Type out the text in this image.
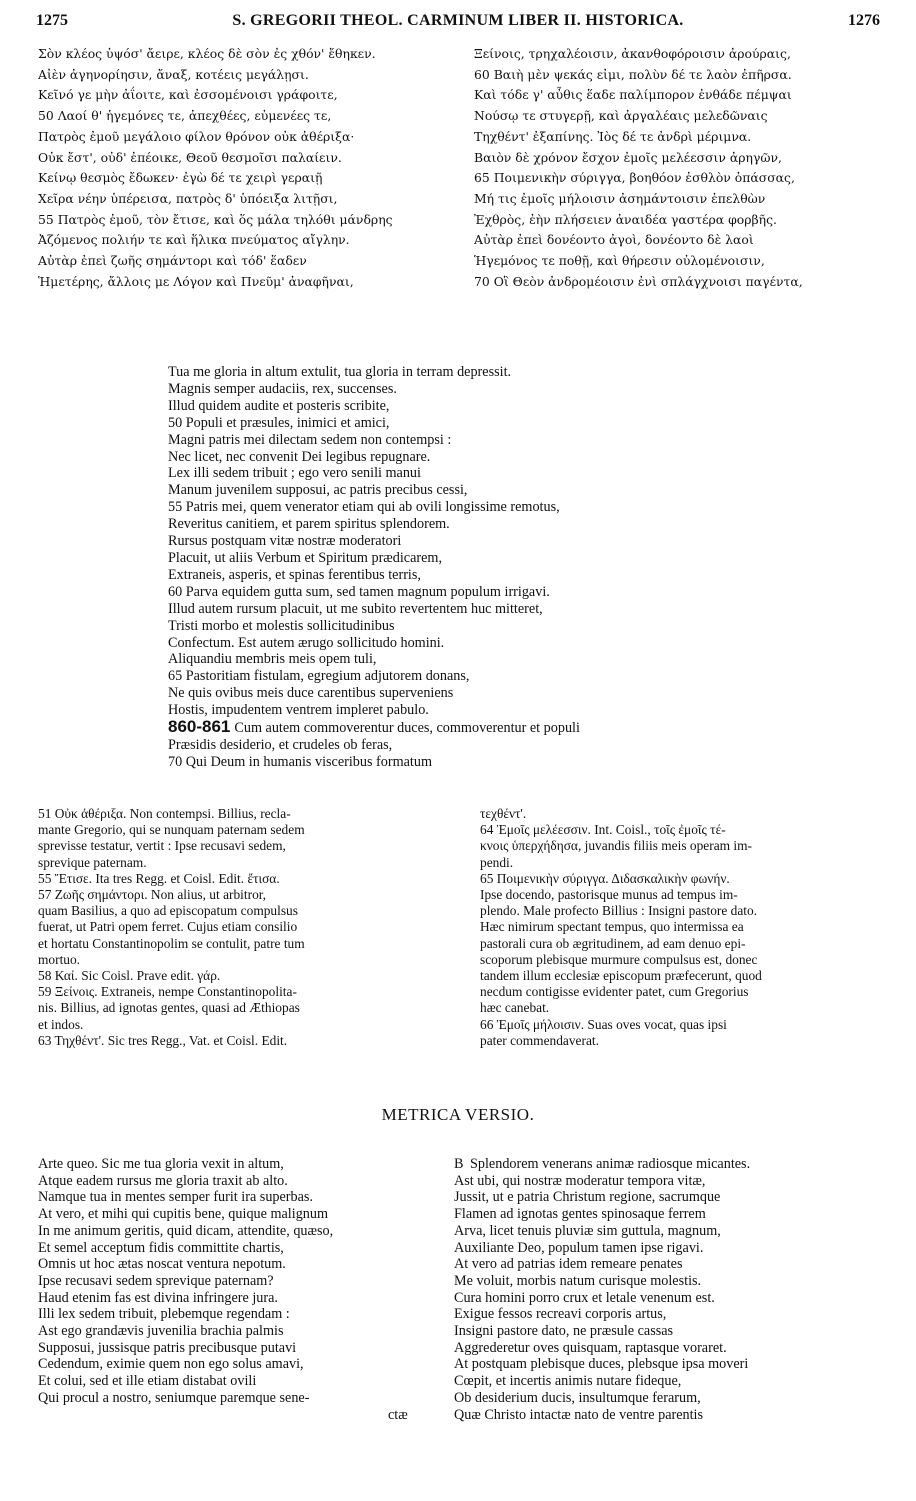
1275	S. GREGORII THEOL. CARMINUM LIBER II. HISTORICA.	1276
Σὸν κλέος ὑψόσ' ἄειρε, κλέος δὲ σὸν ἐς χθόν' ἔθηκεν.
Αἰὲν ἀγηνορίησιν, ἄναξ, κοτέεις μεγάλῃσι.
Κεῖνό γε μὴν ἀΐοιτε, καὶ ἐσσομένοισι γράφοιτε,
50 Λαοί θ' ἡγεμόνες τε, ἀπεχθέες, εὐμενέες τε,
Πατρὸς ἐμοῦ μεγάλοιο φίλον θρόνον οὐκ ἀθέριξα·
Οὐκ ἔστ', οὐδ' ἐπέοικε, Θεοῦ θεσμοῖσι παλαίειν.
Κείνῳ θεσμὸς ἔδωκεν· ἐγὼ δέ τε χειρὶ γεραιῇ
Χεῖρα νέην ὑπέρεισα, πατρὸς δ' ὑπόειξα λιτῇσι,
55 Πατρὸς ἐμοῦ, τὸν ἔτισε, καὶ ὅς μάλα τηλόθι μάνδρης
Ἀζόμενος πολιήν τε καὶ ἥλικα πνεύματος αἴγλην.
Αὐτὰρ ἐπεὶ ζωῆς σημάντορι καὶ τόδ' ἕαδεν
Ἡμετέρης, ἄλλοις με Λόγον καὶ Πνεῦμ' ἀναφῆναι,
Ξείνοις, τρηχαλέοισιν, ἀκανθοφόροισιν ἀρούραις,
60 Βαιὴ μὲν ψεκάς εἰμι, πολὺν δέ τε λαὸν ἐπῆρσα.
Καὶ τόδε γ' αὖθις ἕαδε παλίμπορον ἐνθάδε πέμψαι
Νούσῳ τε στυγερῇ, καὶ ἀργαλέαις μελεδῶναις
Τηχθέντ' ἐξαπίνης. Ἰὸς δέ τε ἀνδρὶ μέριμνα.
Βαιὸν δὲ χρόνον ἔσχον ἐμοῖς μελέεσσιν ἀρηγῶν,
65 Ποιμενικὴν σύριγγα, βοηθόον ἐσθλὸν ὀπάσσας,
Μή τις ἐμοῖς μήλοισιν ἀσημάντοισιν ἐπελθὼν
Ἐχθρὸς, ἐὴν πλήσειεν ἀναιδέα γαστέρα φορβῆς.
Αὐτὰρ ἐπεὶ δονέοντο ἀγοὶ, δονέοντο δὲ λαοὶ
Ἡγεμόνος τε ποθῇ, καὶ θήρεσιν οὐλομένοισιν,
70 Οἳ Θεὸν ἀνδρομέοισιν ἐνὶ σπλάγχνοισι παγέντα,
Tua me gloria in altum extulit, tua gloria in terram depressit.
Magnis semper audaciis, rex, succenses.
Illud quidem audite et posteris scribite,
50 Populi et præsules, inimici et amici,
Magni patris mei dilectam sedem non contempsi :
Nec licet, nec convenit Dei legibus repugnare.
Lex illi sedem tribuit ; ego vero senili manui
Manum juvenilem supposui, ac patris precibus cessi,
55 Patris mei, quem venerator etiam qui ab ovili longissime remotus,
Reveritus canitiem, et parem spiritus splendorem.
Rursus postquam vitæ nostræ moderatori
Placuit, ut aliis Verbum et Spiritum prædicarem,
Extraneis, asperis, et spinas ferentibus terris,
60 Parva equidem gutta sum, sed tamen magnum populum irrigavi.
Illud autem rursum placuit, ut me subito revertentem huc mitteret,
Tristi morbo et molestis sollicitudinibus
Confectum. Est autem ærugo sollicitudo homini.
Aliquandiu membris meis opem tuli,
65 Pastoritiam fistulam, egregium adjutorem donans,
Ne quis ovibus meis duce carentibus superveniens
Hostis, impudentem ventrem impleret pabulo.
860-861 Cum autem commoverentur duces, commoverentur et populi
Præsidis desiderio, et crudeles ob feras,
70 Qui Deum in humanis visceribus formatum
51 Οὐκ ἀθέριξα. Non contempsi. Billius, recla-
mante Gregorio, qui se nunquam paternam sedem
sprevisse testatur, vertit : Ipse recusavi sedem,
sprevique paternam.
55 Ἔτισε. Ita tres Regg. et Coisl. Edit. ἔτισα.
57 Ζωῆς σημάντορι. Non alius, ut arbitror,
quam Basilius, a quo ad episcopatum compulsus
fuerat, ut Patri opem ferret. Cujus etiam consilio
et hortatu Constantinopolim se contulit, patre tum
mortuo.
58 Καί. Sic Coisl. Prave edit. γάρ.
59 Ξείνοις. Extraneis, nempe Constantinopolita-
nis. Billius, ad ignotas gentes, quasi ad Æthiopas
et indos.
63 Τηχθέντ'. Sic tres Regg., Vat. et Coisl. Edit.
τεχθέντ'.
64 Ἐμοῖς μελέεσσιν. Int. Coisl., τοῖς ἐμοῖς τέ-
κνοις ὑπερχήδησα, juvandis filiis meis operam im-
pendi.
65 Ποιμενικὴν σύριγγα. Διδασκαλικὴν φωνήν.
Ipse docendo, pastorisque munus ad tempus im-
plendo. Male profecto Billius : Insigni pastore dato.
Hæc nimirum spectant tempus, quo intermissa ea
pastorali cura ob ægritudinem, ad eam denuo epi-
scoporum plebisque murmure compulsus est, donec
tandem illum ecclesiæ episcopum præfecerunt, quod
necdum contigisse evidenter patet, cum Gregorius
hæc canebat.
66 Ἐμοῖς μήλοισιν. Suas oves vocat, quas ipsi
pater commendaverat.
METRICA VERSIO.
Arte queo. Sic me tua gloria vexit in altum,
Atque eadem rursus me gloria traxit ab alto.
Namque tua in mentes semper furit ira superbas.
At vero, et mihi qui cupitis bene, quique malignum
In me animum geritis, quid dicam, attendite, quæso,
Et semel acceptum fidis committite chartis,
Omnis ut hoc ætas noscat ventura nepotum.
Ipse recusavi sedem sprevique paternam?
Haud etenim fas est divina infringere jura.
Illi lex sedem tribuit, plebemque regendam :
Ast ego grandævis juvenilia brachia palmis
Supposui, jussisque patris precibusque putavi
Cedendum, eximie quem non ego solus amavi,
Et colui, sed et ille etiam distabat ovili
Qui procul a nostro, seniumque paremque sene-
ctæ
B Splendorem venerans animæ radiosque micantes.
Ast ubi, qui nostræ moderatur tempora vitæ,
Jussit, ut e patria Christum regione, sacrumque
Flamen ad ignotas gentes spinosaque ferrem
Arva, licet tenuis pluviæ sim guttula, magnum,
Auxiliante Deo, populum tamen ipse rigavi.
At vero ad patrias idem remeare penates
Me voluit, morbis natum curisque molestis.
Cura homini porro crux et letale venenum est.
Exigue fessos recreavi corporis artus,
Insigni pastore dato, ne præsule cassas
Aggrederetur oves quisquam, raptasque voraret.
At postquam plebisque duces, plebsque ipsa moveri
Cœpit, et incertis animis nutare fideque,
Ob desiderium ducis, insultumque ferarum,
Quæ Christo intactæ nato de ventre parentis
